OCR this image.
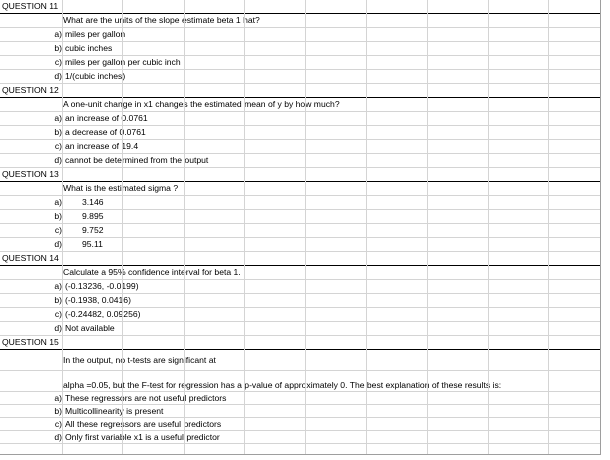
QUESTION 11
What are the units of the slope estimate beta 1 hat?
a) miles per gallon
b) cubic inches
c) miles per gallon per cubic inch
d) 1/(cubic inches)
QUESTION 12
A one-unit change in x1 changes the estimated mean of y by how much?
a) an increase of 0.0761
b) a decrease of 0.0761
c) an increase of 19.4
d) cannot be determined from the output
QUESTION 13
What is the estimated sigma ?
a) 3.146
b) 9.895
c) 9.752
d) 95.11
QUESTION 14
Calculate a 95% confidence interval for beta 1.
a) (-0.13236, -0.0199)
b) (-0.1938, 0.0416)
c) (-0.24482, 0.09256)
d) Not available
QUESTION 15
In the output, no t-tests are significant at
alpha =0.05, but the F-test for regression has a p-value of approximately 0. The best explanation of these results is:
a) These regressors are not useful predictors
b) Multicollinearity is present
c) All these regressors are useful predictors
d) Only first variable x1 is a useful predictor
